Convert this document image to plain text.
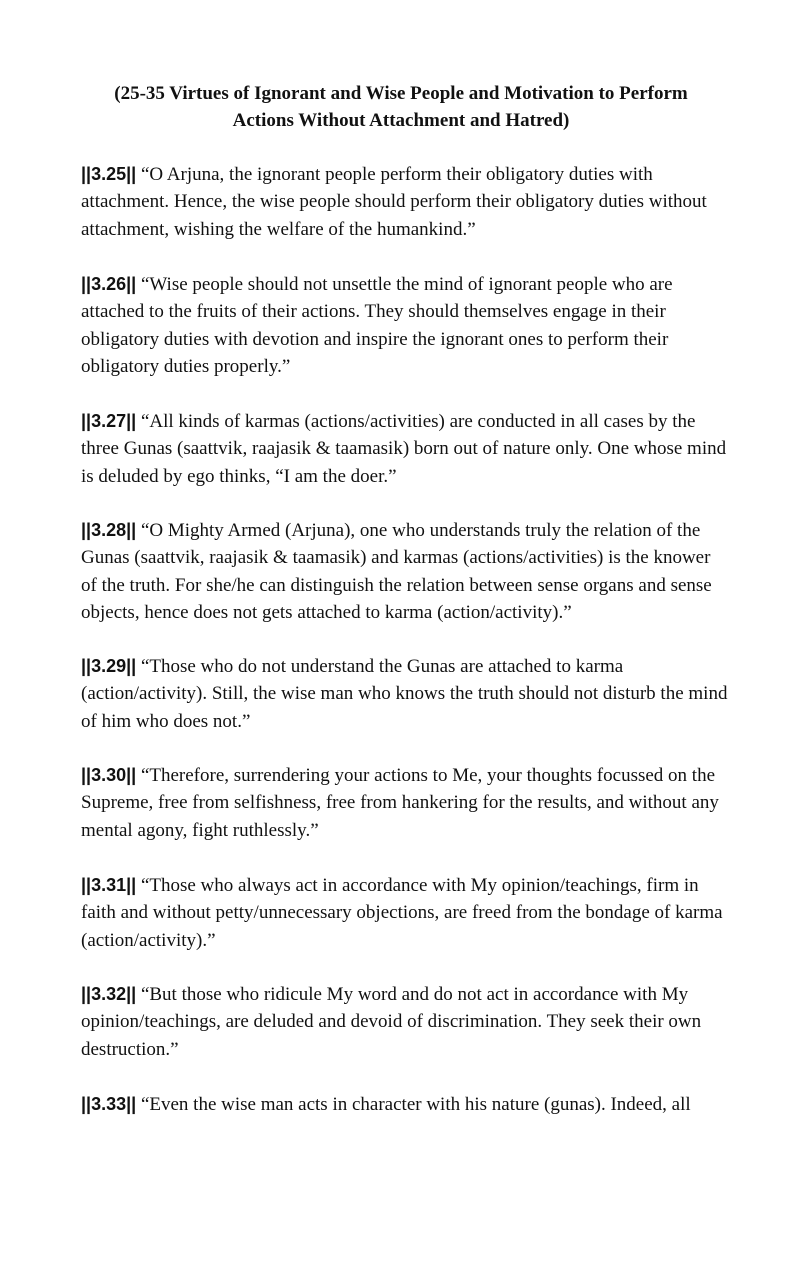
(25-35 Virtues of Ignorant and Wise People and Motivation to Perform
Actions Without Attachment and Hatred)

||3.25|| “O Arjuna, the ignorant people perform their obligatory duties with attachment. Hence, the wise people should perform their obligatory duties without attachment, wishing the welfare of the humankind.”

||3.26|| “Wise people should not unsettle the mind of ignorant people who are attached to the fruits of their actions. They should themselves engage in their obligatory duties with devotion and inspire the ignorant ones to perform their obligatory duties properly.”

||3.27|| “All kinds of karmas (actions/activities) are conducted in all cases by the three Gunas (saattvik, raajasik & taamasik) born out of nature only. One whose mind is deluded by ego thinks, “I am the doer.”

||3.28|| “O Mighty Armed (Arjuna), one who understands truly the relation of the Gunas (saattvik, raajasik & taamasik) and karmas (actions/activities) is the knower of the truth. For she/he can distinguish the relation between sense organs and sense objects, hence does not gets attached to karma (action/activity).”

||3.29|| “Those who do not understand the Gunas are attached to karma (action/activity). Still, the wise man who knows the truth should not disturb the mind of him who does not.”

||3.30|| “Therefore, surrendering your actions to Me, your thoughts focussed on the Supreme, free from selfishness, free from hankering for the results, and without any mental agony, fight ruthlessly.”

||3.31|| “Those who always act in accordance with My opinion/teachings, firm in faith and without petty/unnecessary objections, are freed from the bondage of karma (action/activity).”

||3.32|| “But those who ridicule My word and do not act in accordance with My opinion/teachings, are deluded and devoid of discrimination. They seek their own destruction.”

||3.33|| “Even the wise man acts in character with his nature (gunas). Indeed, all
